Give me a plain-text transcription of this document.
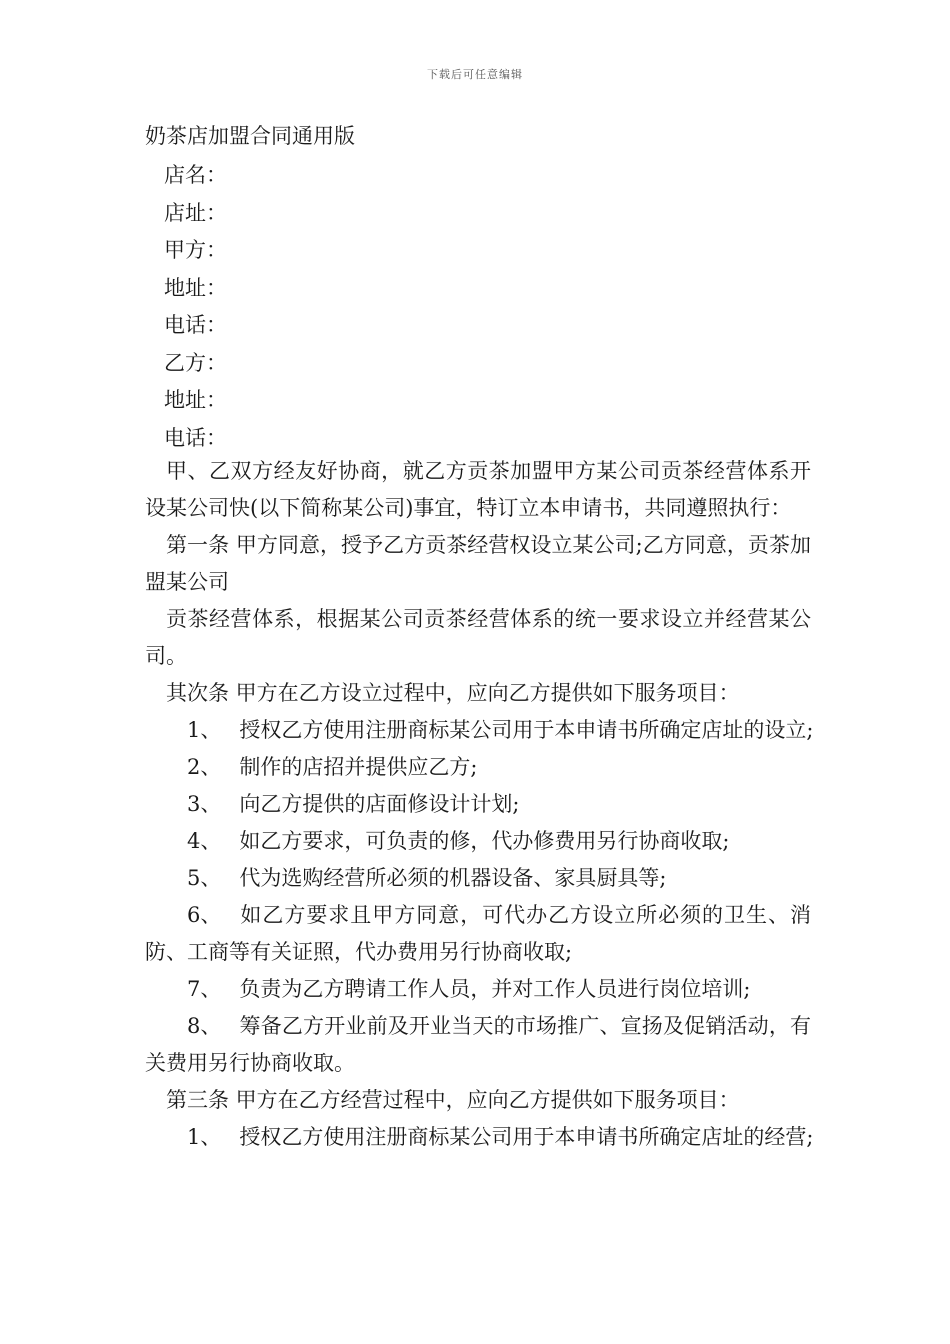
下载后可任意编辑
奶茶店加盟合同通用版
店名：
店址：
甲方：
地址：
电话：
乙方：
地址：
电话：

甲、乙双方经友好协商，就乙方贡茶加盟甲方某公司贡茶经营体系开设某公司快(以下简称某公司)事宜，特订立本申请书，共同遵照执行：

第一条 甲方同意，授予乙方贡茶经营权设立某公司;乙方同意，贡茶加盟某公司

贡茶经营体系，根据某公司贡茶经营体系的统一要求设立并经营某公司。

其次条 甲方在乙方设立过程中，应向乙方提供如下服务项目：

1、 授权乙方使用注册商标某公司用于本申请书所确定店址的设立;

2、 制作的店招并提供应乙方;

3、 向乙方提供的店面修设计计划;

4、 如乙方要求，可负责的修，代办修费用另行协商收取;

5、 代为选购经营所必须的机器设备、家具厨具等;

6、 如乙方要求且甲方同意，可代办乙方设立所必须的卫生、消防、工商等有关证照，代办费用另行协商收取;

7、 负责为乙方聘请工作人员，并对工作人员进行岗位培训;

8、 筹备乙方开业前及开业当天的市场推广、宣扬及促销活动，有关费用另行协商收取。

第三条 甲方在乙方经营过程中，应向乙方提供如下服务项目：

1、 授权乙方使用注册商标某公司用于本申请书所确定店址的经营;
